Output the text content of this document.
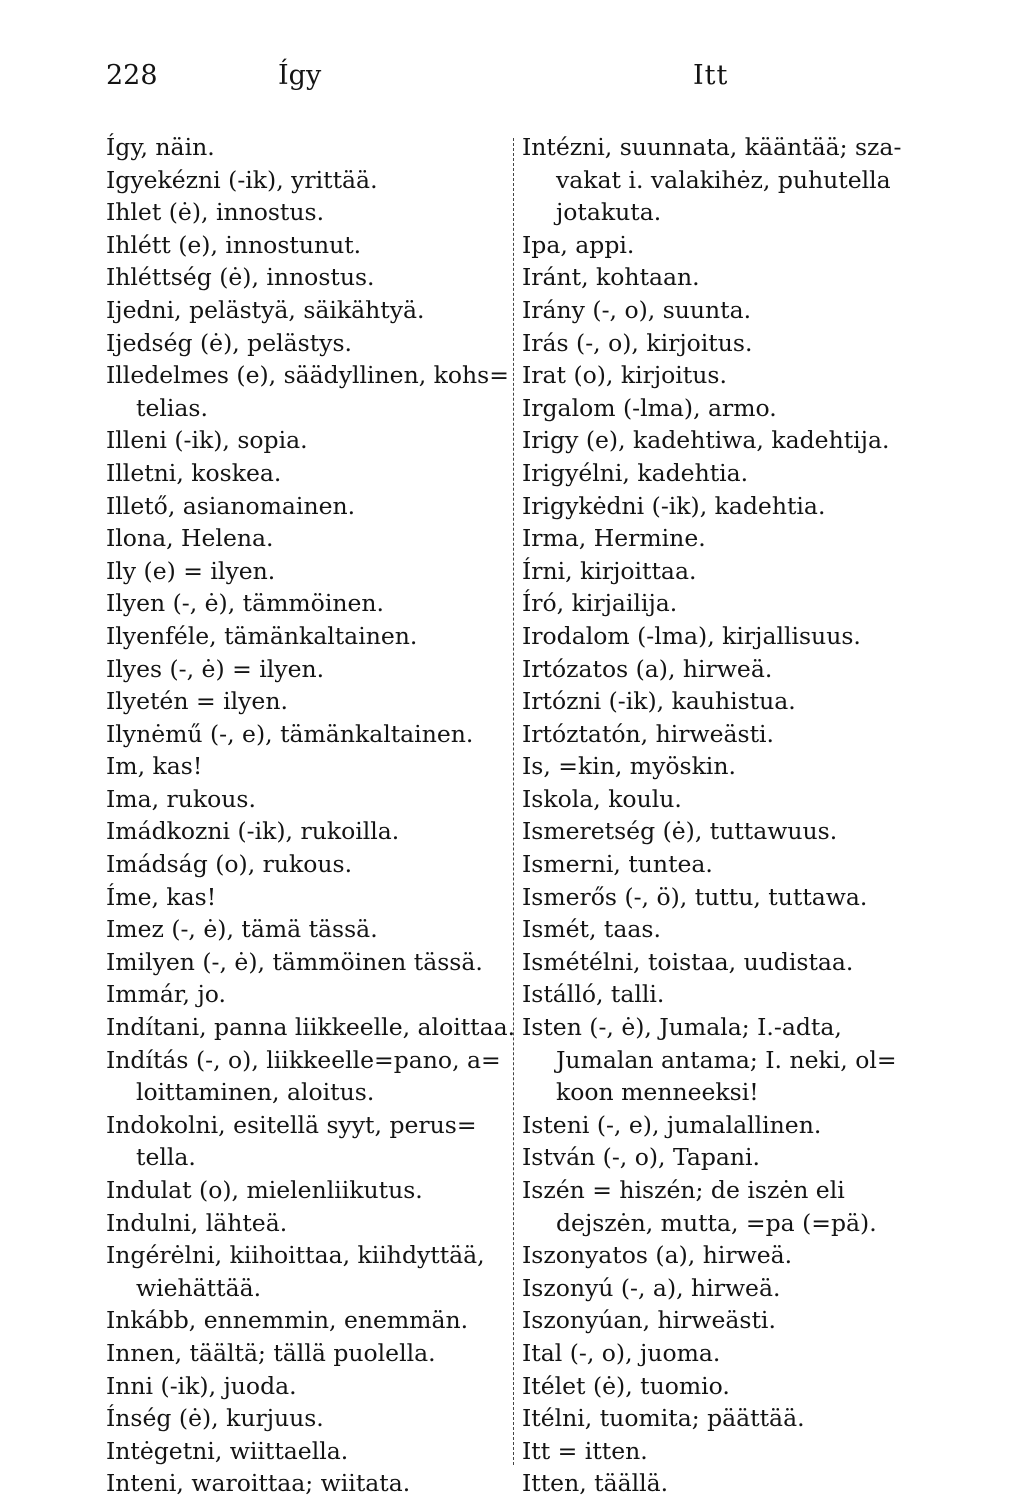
228	Így	Itt
Így, näin.
Igyekézni (-ik), yrittää.
Ihlet (ė), innostus.
Ihlétt (e), innostunut.
Ihléttség (ė), innostus.
Ijedni, pelästyä, säikähtyä.
Ijedség (ė), pelästys.
Illedelmes (e), säädyllinen, kohs=
telias.
Illeni (-ik), sopia.
Illetni, koskea.
Illető, asianomainen.
Ilona, Helena.
Ily (e) = ilyen.
Ilyen (-, ė), tämmöinen.
Ilyenféle, tämänkaltainen.
Ilyes (-, ė) = ilyen.
Ilyetén = ilyen.
Ilynėmű (-, e), tämänkaltainen.
Im, kas!
Ima, rukous.
Imádkozni (-ik), rukoilla.
Imádság (o), rukous.
Íme, kas!
Imez (-, ė), tämä tässä.
Imilyen (-, ė), tämmöinen tässä.
Immár, jo.
Indítani, panna liikkeelle, aloittaa.
Indítás (-, o), liikkeelle=pano, a=
loittaminen, aloitus.
Indokolni, esitellä syyt, perus=
tella.
Indulat (o), mielenliikutus.
Indulni, lähteä.
Ingérėlni, kiihoittaa, kiihdyttää,
wiehättää.
Inkább, ennemmin, enemmän.
Innen, täältä; tällä puolella.
Inni (-ik), juoda.
Ínség (ė), kurjuus.
Intėgetni, wiittaella.
Inteni, waroittaa; wiitata.
Intézni, suunnata, kääntää; sza-
vakat i. valakihėz, puhutella
jotakuta.
Ipa, appi.
Iránt, kohtaan.
Irány (-, o), suunta.
Irás (-, o), kirjoitus.
Irat (o), kirjoitus.
Irgalom (-lma), armo.
Irigy (e), kadehtiwa, kadehtija.
Irigyélni, kadehtia.
Irigykėdni (-ik), kadehtia.
Irma, Hermine.
Írni, kirjoittaa.
Író, kirjailija.
Irodalom (-lma), kirjallisuus.
Irtózatos (a), hirweä.
Irtózni (-ik), kauhistua.
Irtóztatón, hirweästi.
Is, =kin, myöskin.
Iskola, koulu.
Ismeretség (ė), tuttawuus.
Ismerni, tuntea.
Ismerős (-, ö), tuttu, tuttawa.
Ismét, taas.
Ismétélni, toistaa, uudistaa.
Istálló, talli.
Isten (-, ė), Jumala; I.-adta,
Jumalan antama; I. neki, ol=
koon menneeksi!
Isteni (-, e), jumalallinen.
István (-, o), Tapani.
Iszén = hiszén; de iszėn eli
dejszėn, mutta, =pa (=pä).
Iszonyatos (a), hirweä.
Iszonyú (-, a), hirweä.
Iszonyúan, hirweästi.
Ital (-, o), juoma.
Itélet (ė), tuomio.
Itélni, tuomita; päättää.
Itt = itten.
Itten, täällä.
